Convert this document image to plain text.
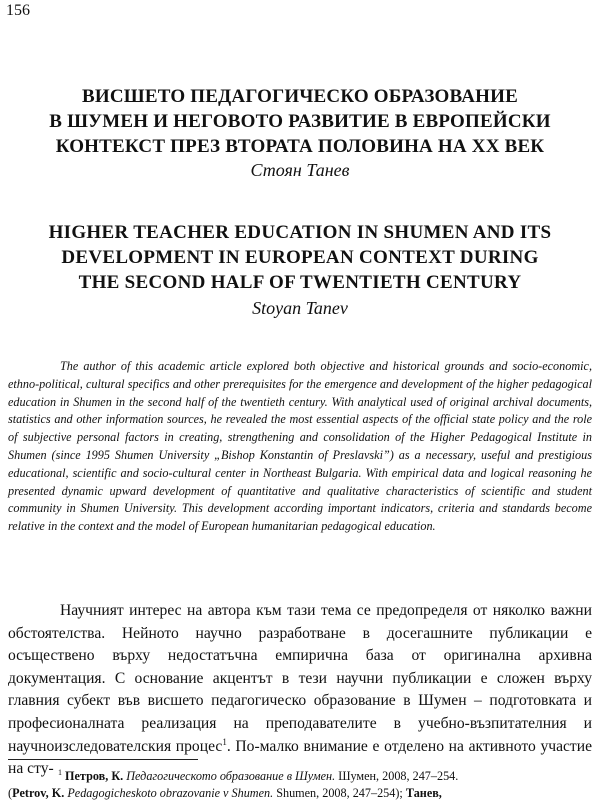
156
ВИСШЕТО ПЕДАГОГИЧЕСКО ОБРАЗОВАНИЕ
В ШУМЕН И НЕГОВОТО РАЗВИТИЕ В ЕВРОПЕЙСКИ
КОНТЕКСТ ПРЕЗ ВТОРАТА ПОЛОВИНА НА ХХ ВЕК
Стоян Танев
HIGHER TEACHER EDUCATION IN SHUMEN AND ITS
DEVELOPMENT IN EUROPEAN CONTEXT DURING
THE SECOND HALF OF TWENTIETH CENTURY
Stoyan Tanev

The author of this academic article explored both objective and historical grounds and socio-economic, ethno-political, cultural specifics and other prerequisites for the emergence and development of the higher pedagogical education in Shumen in the second half of the twentieth century. With analytical used of original archival documents, statistics and other information sources, he revealed the most essential aspects of the official state policy and the role of subjective personal factors in creating, strengthening and consolidation of the Higher Pedagogical Institute in Shumen (since 1995 Shumen University „Bishop Konstantin of Preslavski”) as a necessary, useful and prestigious educational, scientific and socio-cultural center in Northeast Bulgaria. With empirical data and logical reasoning he presented dynamic upward development of quantitative and qualitative characteristics of scientific and student community in Shumen University. This development according important indicators, criteria and standards become relative in the context and the model of European humanitarian pedagogical education.

Научният интерес на автора към тази тема се предопределя от няколко важни обстоятелства. Нейното научно разработване в досегашните публикации е осъществено върху недостатъчна емпирична база от оригинална архивна документация. С основание акцентът в тези научни публикации е сложен върху главния субект във висшето педагогическо образование в Шумен – подготовката и професионалната реализация на преподавателите в учебно-възпитателния и научноизследователския процес$^1$. По-малко внимание е отделено на активното участие на сту- $^1$ Петров, К. Педагогическото образование в Шумен. Шумен, 2008, 247–254.
(Petrov, K. Pedagogicheskoto obrazovanie v Shumen. Shumen, 2008, 247–254); Танев,
